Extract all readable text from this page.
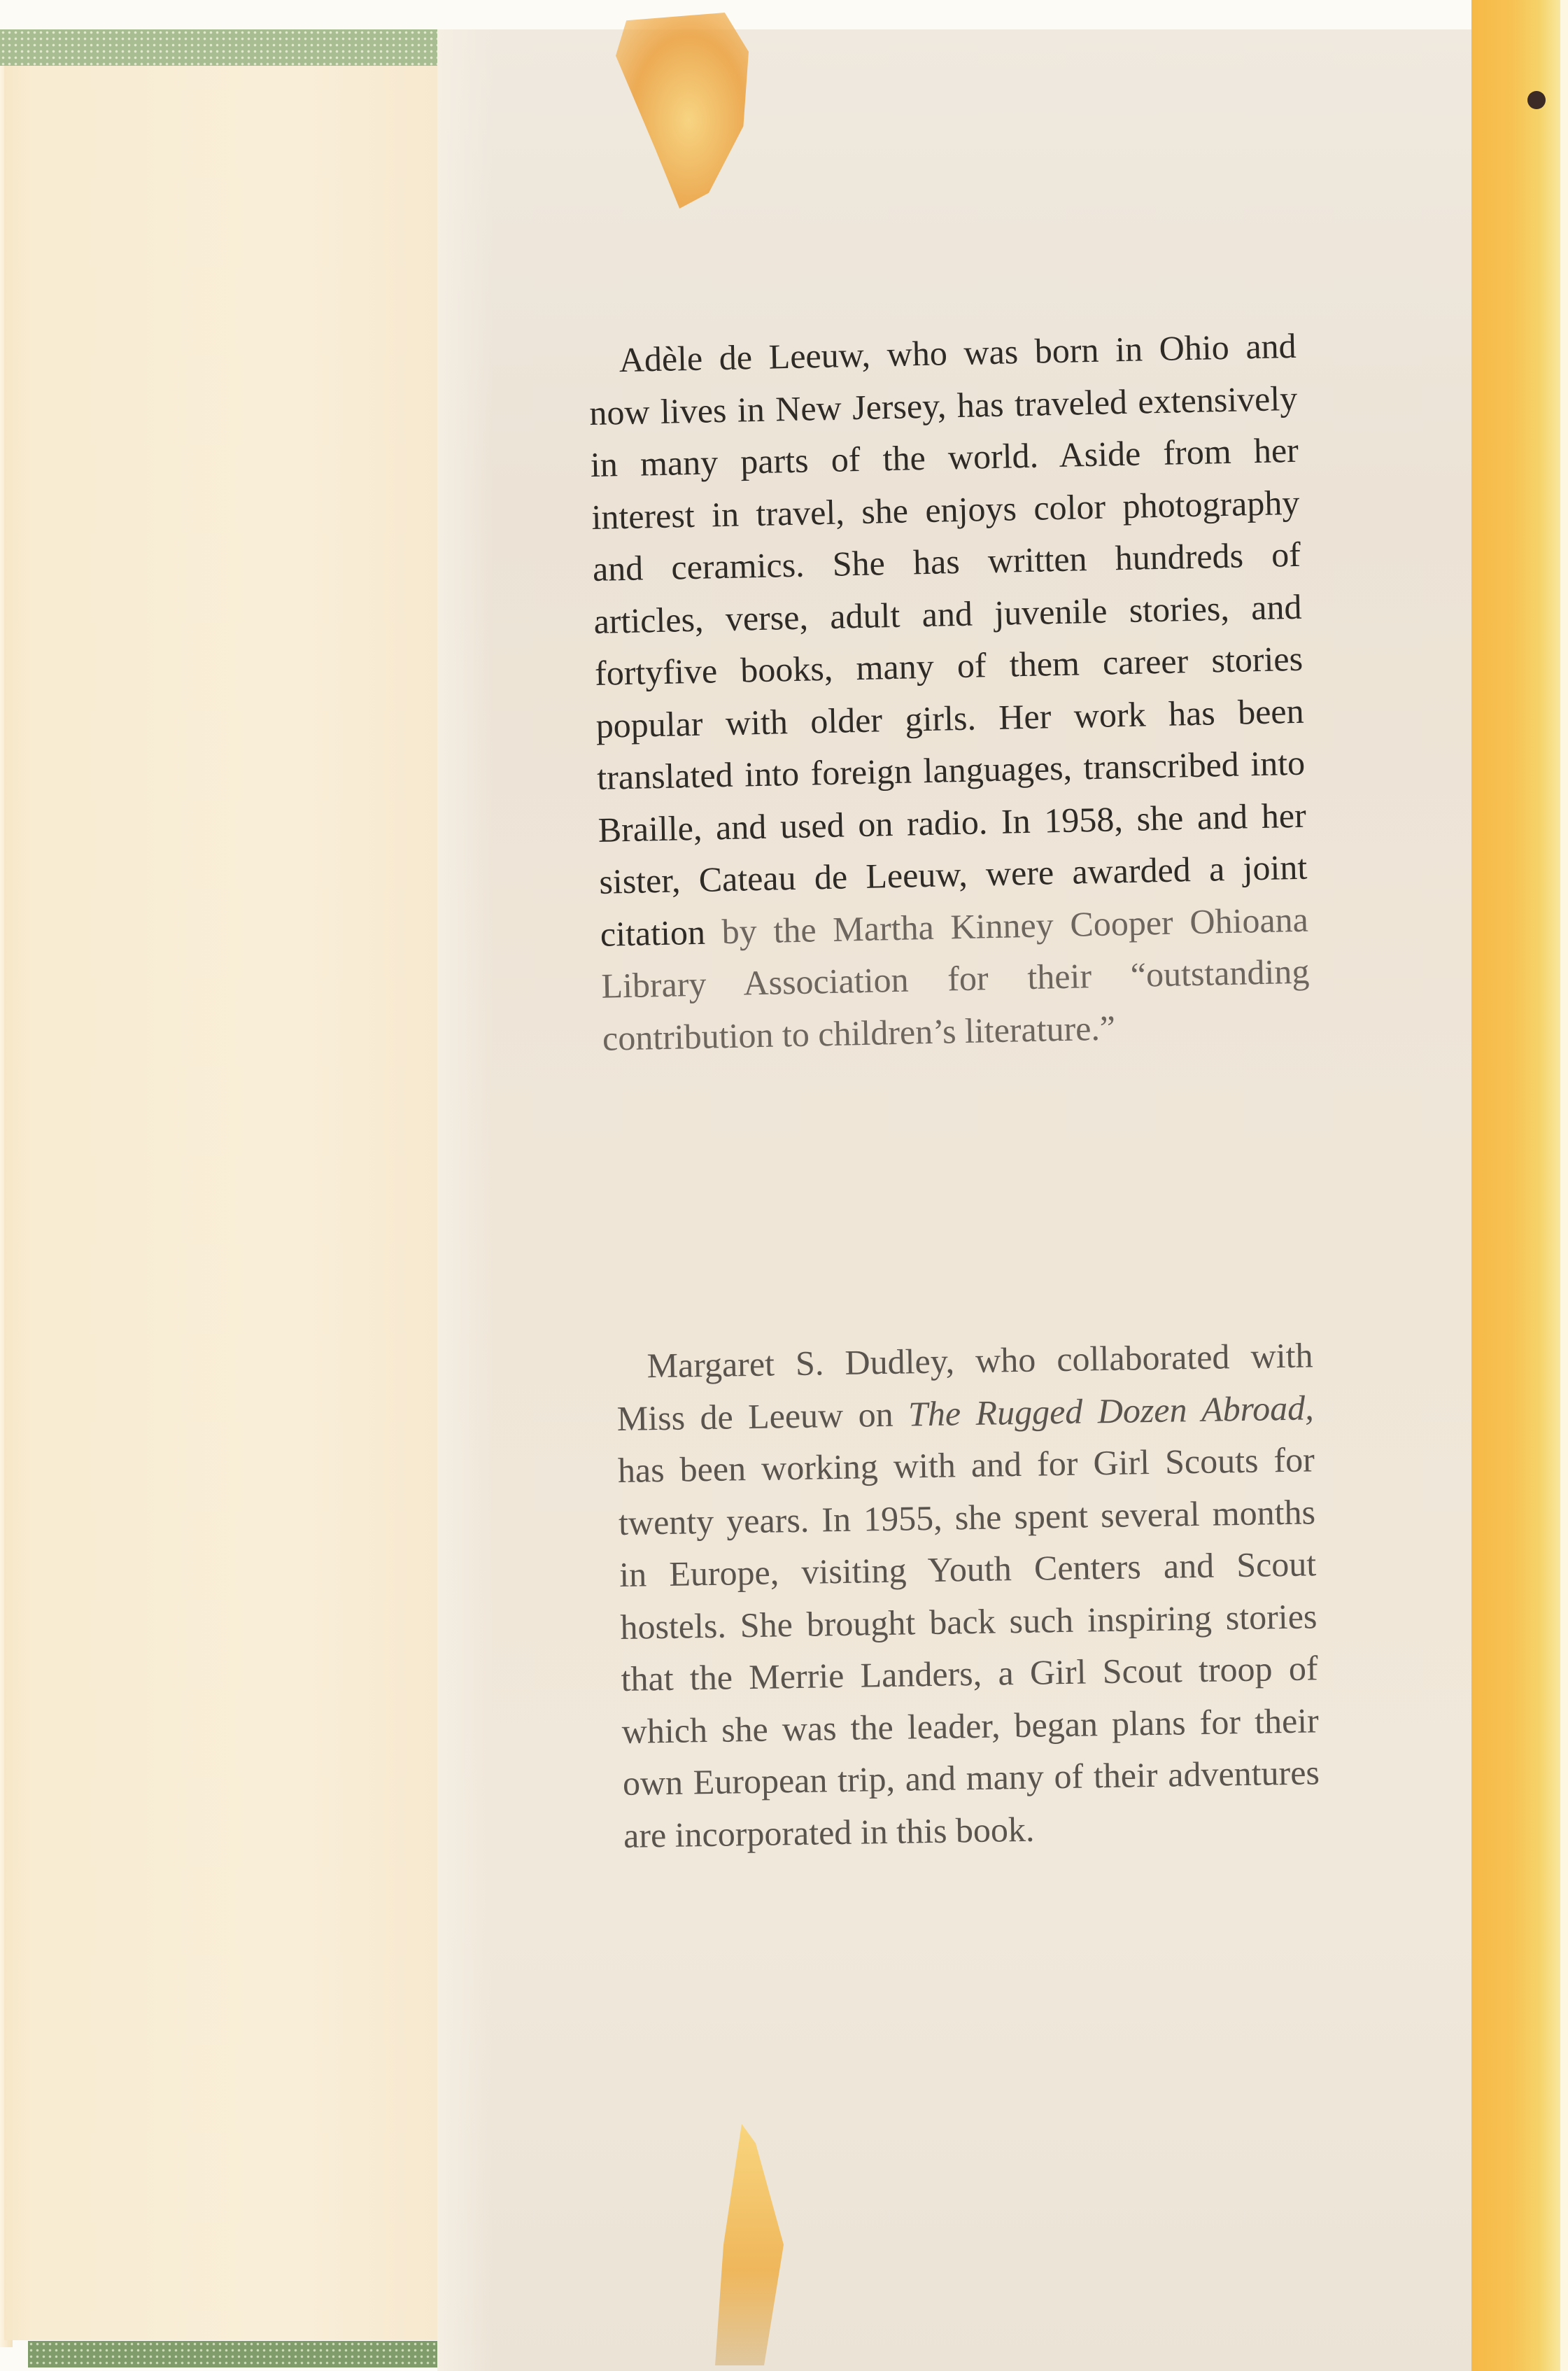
Adèle de Leeuw, who was born in Ohio and now lives in New Jersey, has traveled extensively in many parts of the world. Aside from her interest in travel, she enjoys color photography and ceramics. She has written hundreds of articles, verse, adult and juvenile stories, and fortyfive books, many of them career stories popular with older girls. Her work has been translated into foreign languages, transcribed into Braille, and used on radio. In 1958, she and her sister, Cateau de Leeuw, were awarded a joint citation by the Martha Kinney Cooper Ohioana Library Association for their “outstanding contribution to children’s literature.”

Margaret S. Dudley, who collaborated with Miss de Leeuw on The Rugged Dozen Abroad, has been working with and for Girl Scouts for twenty years. In 1955, she spent several months in Europe, visiting Youth Centers and Scout hostels. She brought back such inspiring stories that the Merrie Landers, a Girl Scout troop of which she was the leader, began plans for their own European trip, and many of their adventures are incorporated in this book.
